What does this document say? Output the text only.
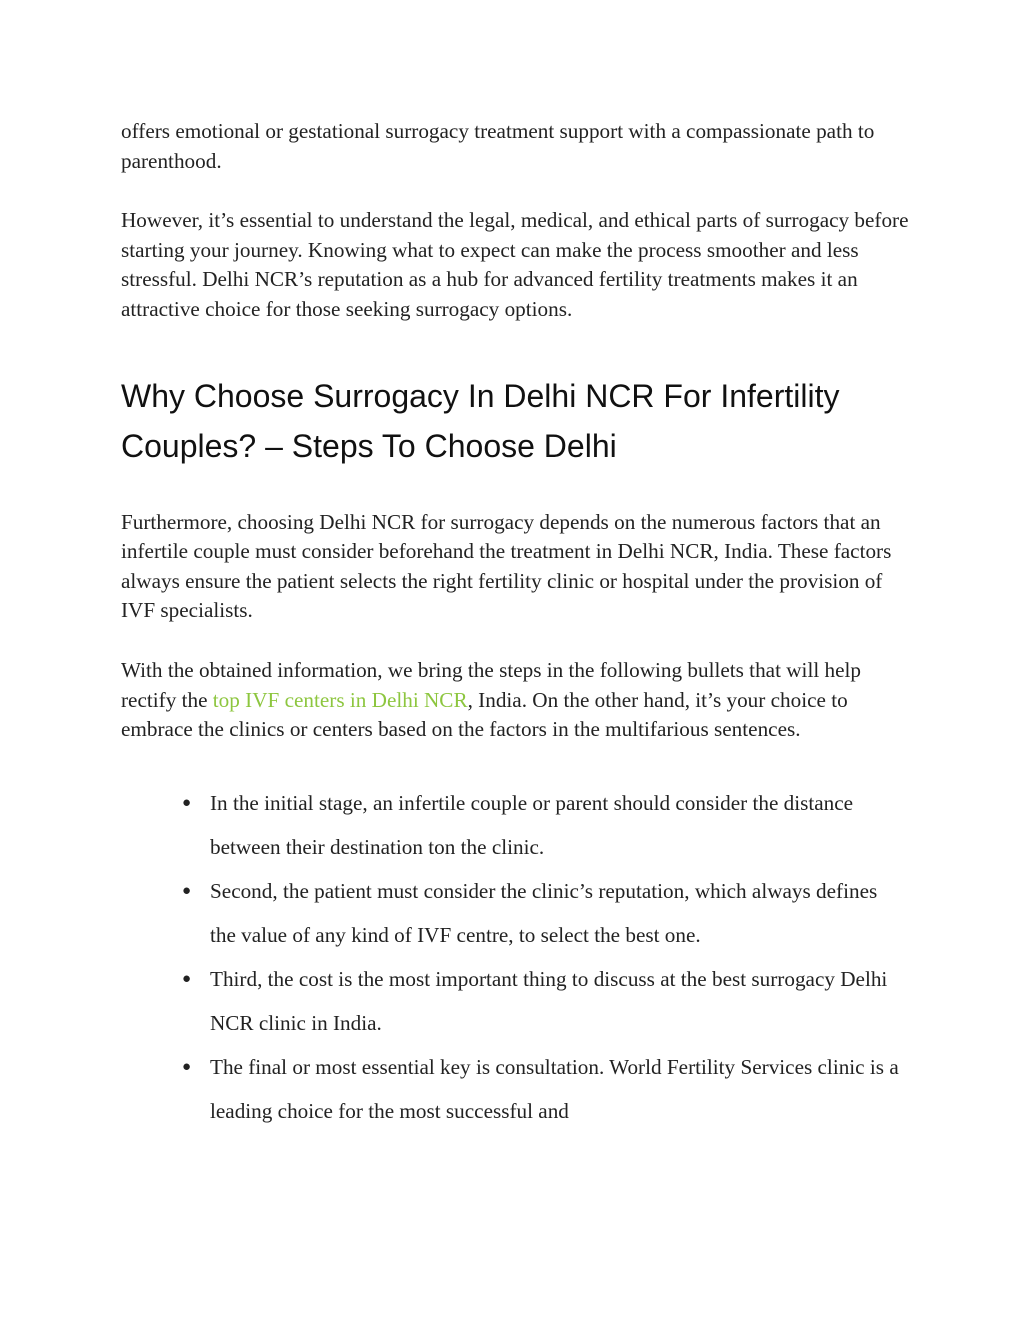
offers emotional or gestational surrogacy treatment support with a compassionate path to parenthood.

However, it’s essential to understand the legal, medical, and ethical parts of surrogacy before starting your journey. Knowing what to expect can make the process smoother and less stressful. Delhi NCR’s reputation as a hub for advanced fertility treatments makes it an attractive choice for those seeking surrogacy options.

Why Choose Surrogacy In Delhi NCR For Infertility Couples? – Steps To Choose Delhi

Furthermore, choosing Delhi NCR for surrogacy depends on the numerous factors that an infertile couple must consider beforehand the treatment in Delhi NCR, India. These factors always ensure the patient selects the right fertility clinic or hospital under the provision of IVF specialists.

With the obtained information, we bring the steps in the following bullets that will help rectify the top IVF centers in Delhi NCR, India. On the other hand, it’s your choice to embrace the clinics or centers based on the factors in the multifarious sentences.

● In the initial stage, an infertile couple or parent should consider the distance between their destination ton the clinic.
● Second, the patient must consider the clinic’s reputation, which always defines the value of any kind of IVF centre, to select the best one.
● Third, the cost is the most important thing to discuss at the best surrogacy Delhi NCR clinic in India.
● The final or most essential key is consultation. World Fertility Services clinic is a leading choice for the most successful and
